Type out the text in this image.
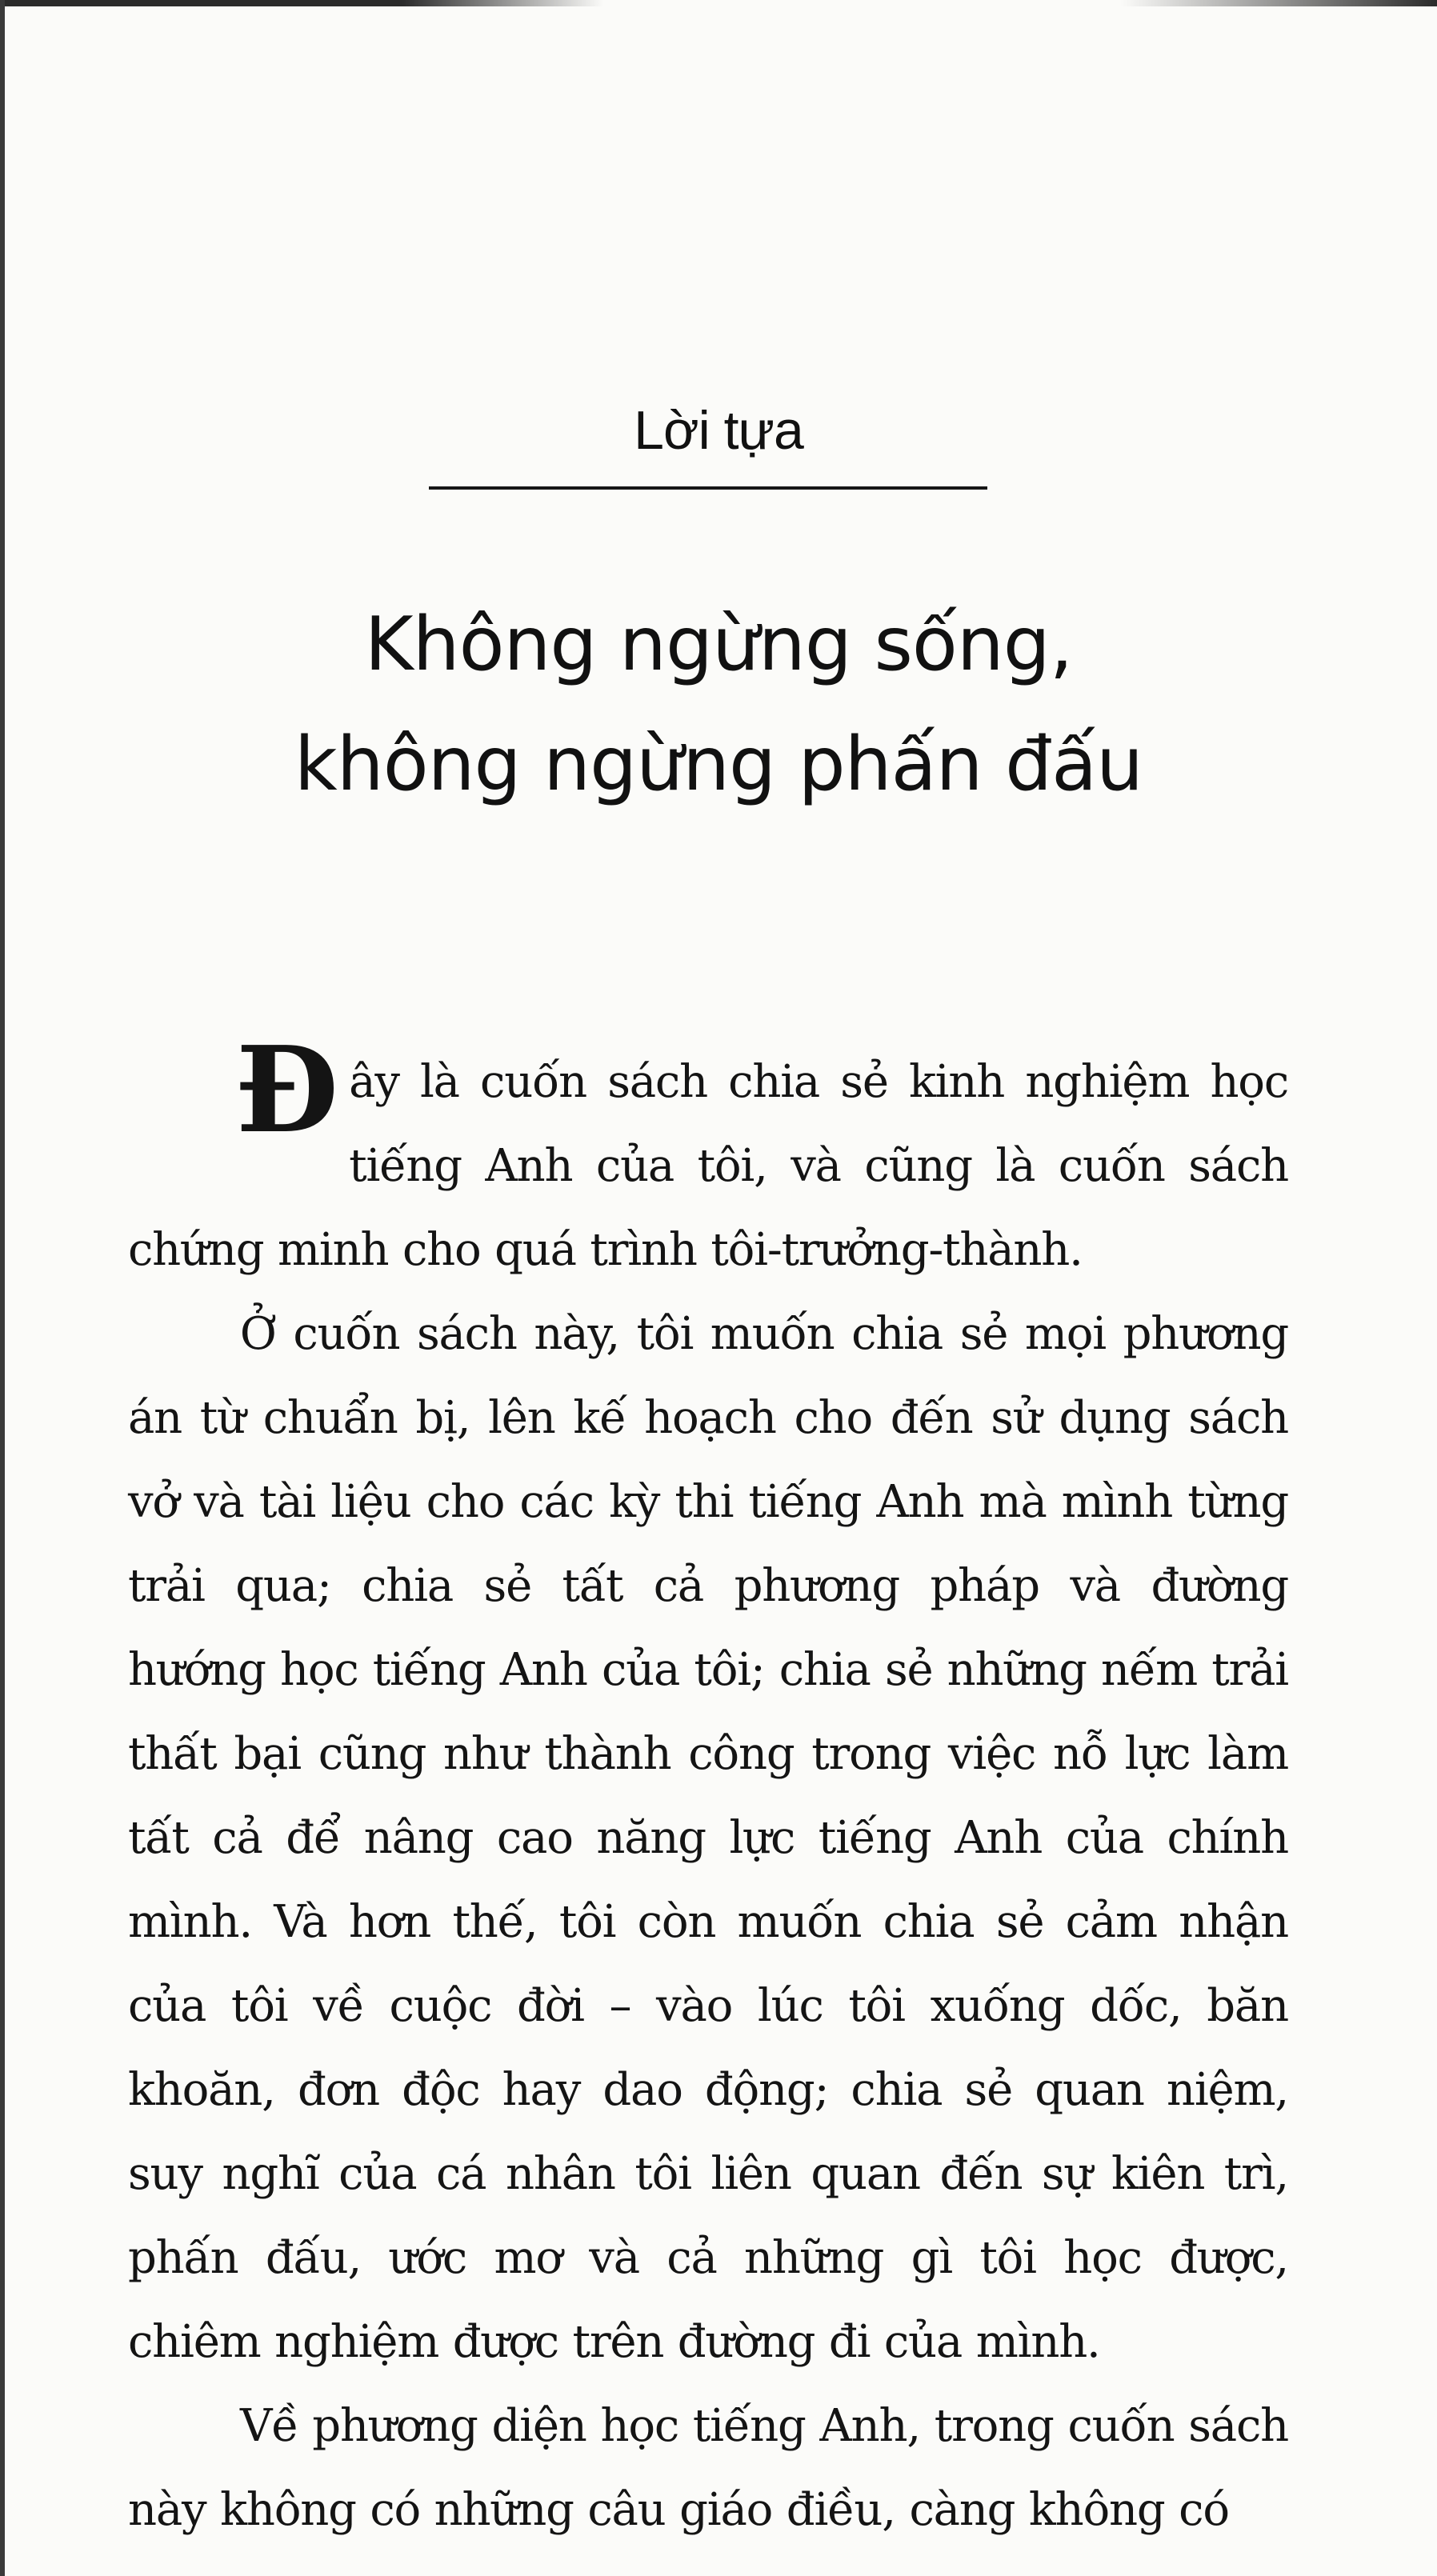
Lời tựa
Không ngừng sống,
không ngừng phấn đấu

Đây là cuốn sách chia sẻ kinh nghiệm học tiếng Anh của tôi, và cũng là cuốn sách chứng minh cho quá trình tôi-trưởng-thành.

Ở cuốn sách này, tôi muốn chia sẻ mọi phương án từ chuẩn bị, lên kế hoạch cho đến sử dụng sách vở và tài liệu cho các kỳ thi tiếng Anh mà mình từng trải qua; chia sẻ tất cả phương pháp và đường hướng học tiếng Anh của tôi; chia sẻ những nếm trải thất bại cũng như thành công trong việc nỗ lực làm tất cả để nâng cao năng lực tiếng Anh của chính mình. Và hơn thế, tôi còn muốn chia sẻ cảm nhận của tôi về cuộc đời – vào lúc tôi xuống dốc, băn khoăn, đơn độc hay dao động; chia sẻ quan niệm, suy nghĩ của cá nhân tôi liên quan đến sự kiên trì, phấn đấu, ước mơ và cả những gì tôi học được, chiêm nghiệm được trên đường đi của mình.

Về phương diện học tiếng Anh, trong cuốn sách này không có những câu giáo điều, càng không có
